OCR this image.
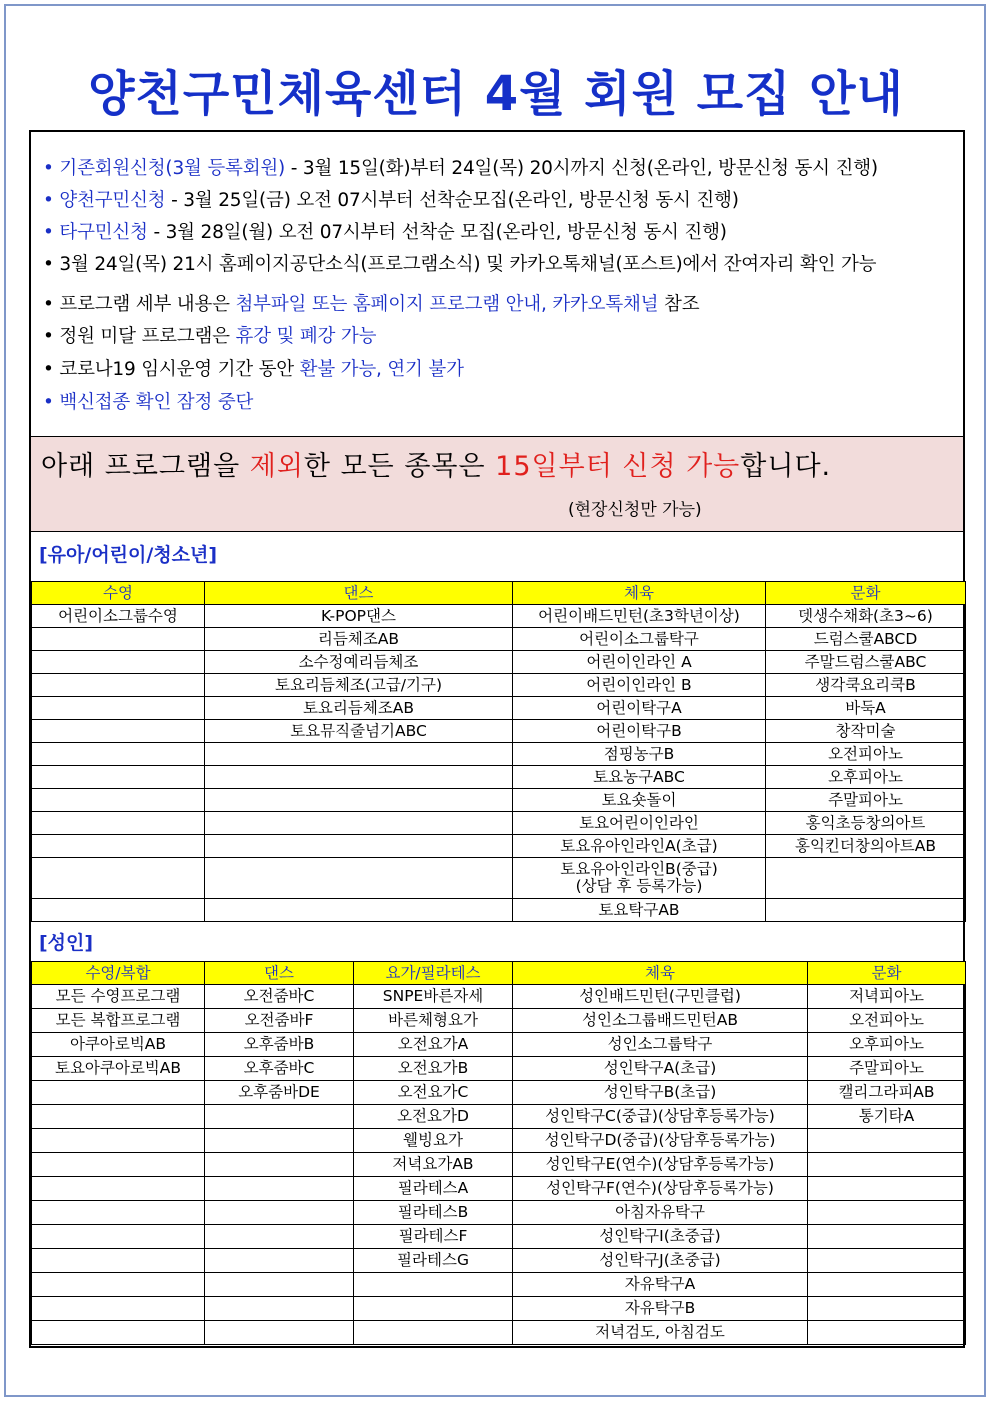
양천구민체육센터 4월 회원 모집 안내
• 기존회원신청(3월 등록회원) - 3월 15일(화)부터 24일(목) 20시까지 신청(온라인, 방문신청 동시 진행)
• 양천구민신청 - 3월 25일(금) 오전 07시부터 선착순모집(온라인, 방문신청 동시 진행)
• 타구민신청 - 3월 28일(월) 오전 07시부터 선착순 모집(온라인, 방문신청 동시 진행)
• 3월 24일(목) 21시 홈페이지공단소식(프로그램소식) 및 카카오톡채널(포스트)에서 잔여자리 확인 가능
• 프로그램 세부 내용은 첨부파일 또는 홈페이지 프로그램 안내, 카카오톡채널 참조
• 정원 미달 프로그램은 휴강 및 폐강 가능
• 코로나19 임시운영 기간 동안 환불 가능, 연기 불가
• 백신접종 확인 잠정 중단
아래 프로그램을 제외한 모든 종목은 15일부터 신청 가능합니다.
(현장신청만 가능)
[유아/어린이/청소년]
수영	댄스	체육	문화
어린이소그룹수영	K-POP댄스	어린이배드민턴(초3학년이상)	뎃생수채화(초3~6)
	리듬체조AB	어린이소그룹탁구	드럼스쿨ABCD
	소수정예리듬체조	어린이인라인 A	주말드럼스쿨ABC
	토요리듬체조(고급/기구)	어린이인라인 B	생각쿡요리쿡B
	토요리듬체조AB	어린이탁구A	바둑A
	토요뮤직줄넘기ABC	어린이탁구B	창작미술
		점핑농구B	오전피아노
		토요농구ABC	오후피아노
		토요숏돌이	주말피아노
		토요어린이인라인	홍익초등창의아트
		토요유아인라인A(초급)	홍익킨더창의아트AB
		토요유아인라인B(중급)
(상담 후 등록가능)	
		토요탁구AB	
[성인]
수영/복합	댄스	요가/필라테스	체육	문화
모든 수영프로그램	오전줌바C	SNPE바른자세	성인배드민턴(구민클럽)	저녁피아노
모든 복합프로그램	오전줌바F	바른체형요가	성인소그룹배드민턴AB	오전피아노
아쿠아로빅AB	오후줌바B	오전요가A	성인소그룹탁구	오후피아노
토요아쿠아로빅AB	오후줌바C	오전요가B	성인탁구A(초급)	주말피아노
	오후줌바DE	오전요가C	성인탁구B(초급)	캘리그라피AB
		오전요가D	성인탁구C(중급)(상담후등록가능)	통기타A
		웰빙요가	성인탁구D(중급)(상담후등록가능)	
		저녁요가AB	성인탁구E(연수)(상담후등록가능)	
		필라테스A	성인탁구F(연수)(상담후등록가능)	
		필라테스B	아침자유탁구	
		필라테스F	성인탁구I(초중급)	
		필라테스G	성인탁구J(초중급)	
			자유탁구A	
			자유탁구B	
			저녁검도, 아침검도	
